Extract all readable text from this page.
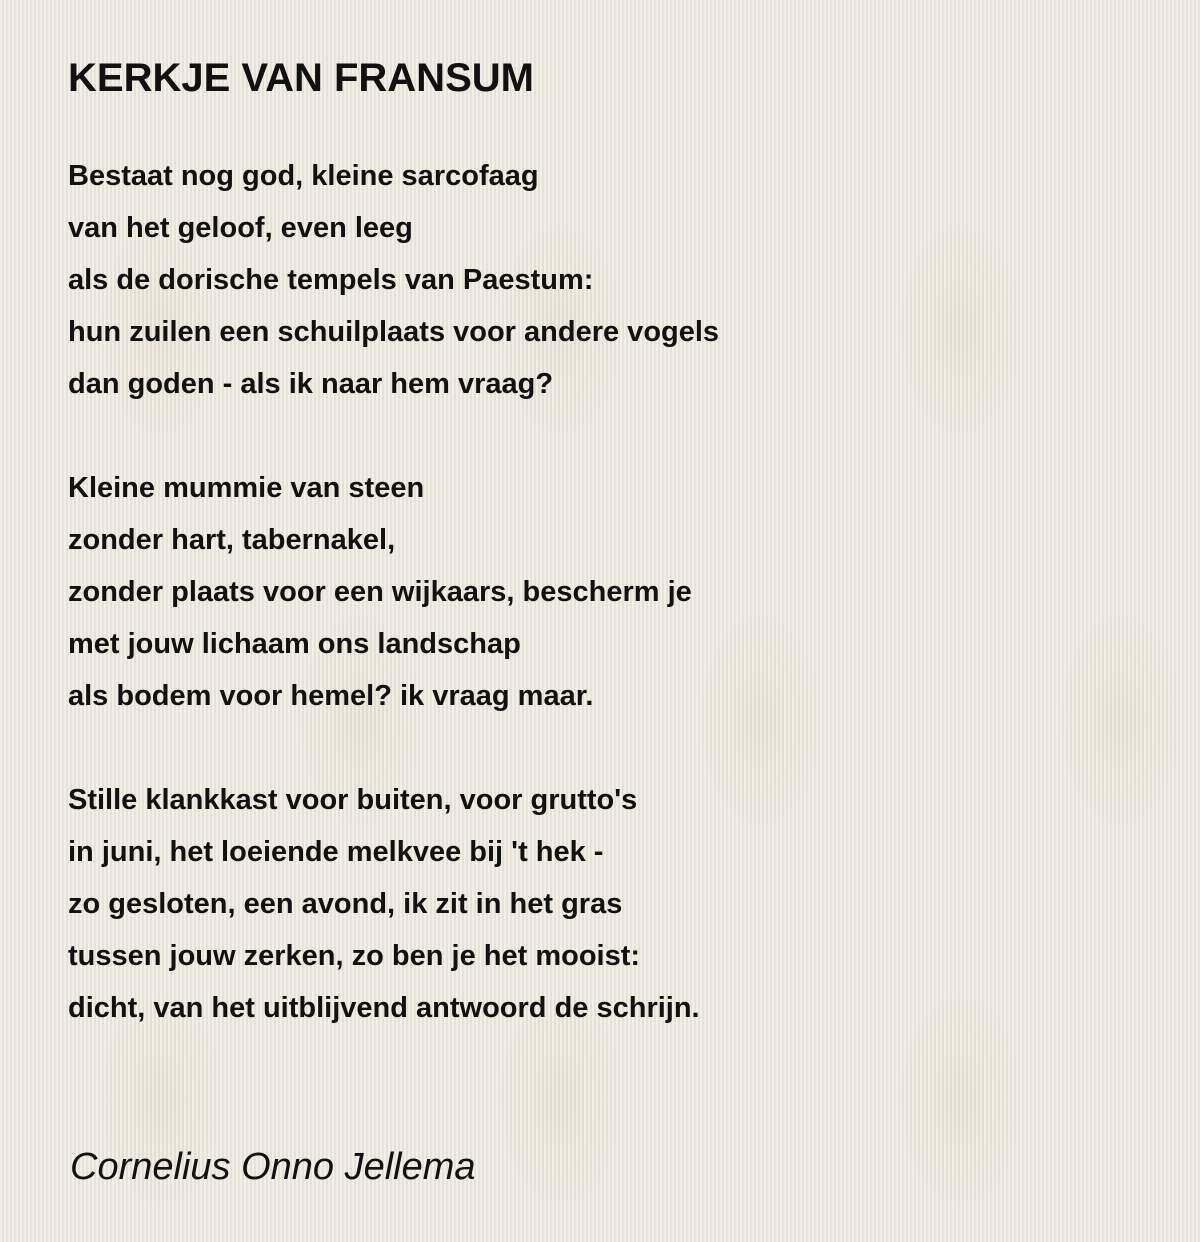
KERKJE VAN FRANSUM
Bestaat nog god, kleine sarcofaag
van het geloof, even leeg
als de dorische tempels van Paestum:
hun zuilen een schuilplaats voor andere vogels
dan goden - als ik naar hem vraag?
Kleine mummie van steen
zonder hart, tabernakel,
zonder plaats voor een wijkaars, bescherm je
met jouw lichaam ons landschap
als bodem voor hemel? ik vraag maar.
Stille klankkast voor buiten, voor grutto's
in juni, het loeiende melkvee bij 't hek -
zo gesloten, een avond, ik zit in het gras
tussen jouw zerken, zo ben je het mooist:
dicht, van het uitblijvend antwoord de schrijn.

Cornelius Onno Jellema
